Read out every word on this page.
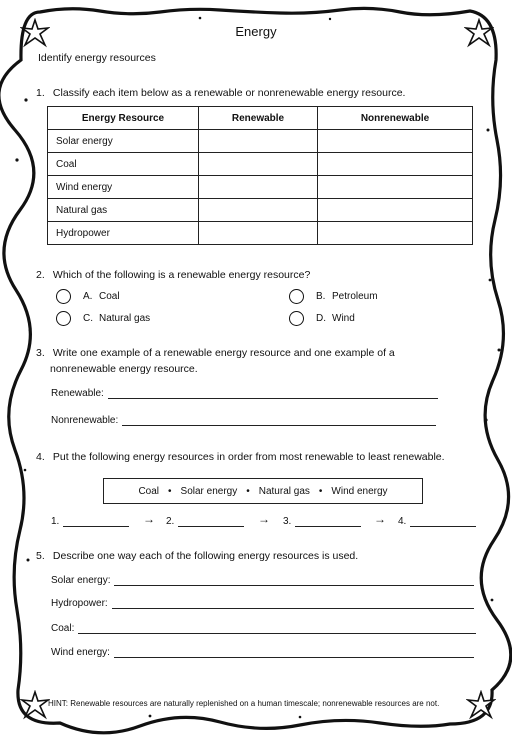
Energy
Identify energy resources
1. Classify each item below as a renewable or nonrenewable energy resource.
Energy Resource	Renewable	Nonrenewable
Solar energy		
Coal		
Wind energy		
Natural gas		
Hydropower		
2. Which of the following is a renewable energy resource?
A. Coal	B. Petroleum
C. Natural gas	D. Wind
3. Write one example of a renewable energy resource and one example of a
nonrenewable energy resource.
Renewable:
Nonrenewable:
4. Put the following energy resources in order from most renewable to least renewable.
Coal • Solar energy • Natural gas • Wind energy
1.	→ 2.	→ 3.	→ 4.
5. Describe one way each of the following energy resources is used.
Solar energy:
Hydropower:
Coal:
Wind energy:
HINT: Renewable resources are naturally replenished on a human timescale; nonrenewable resources are not.
